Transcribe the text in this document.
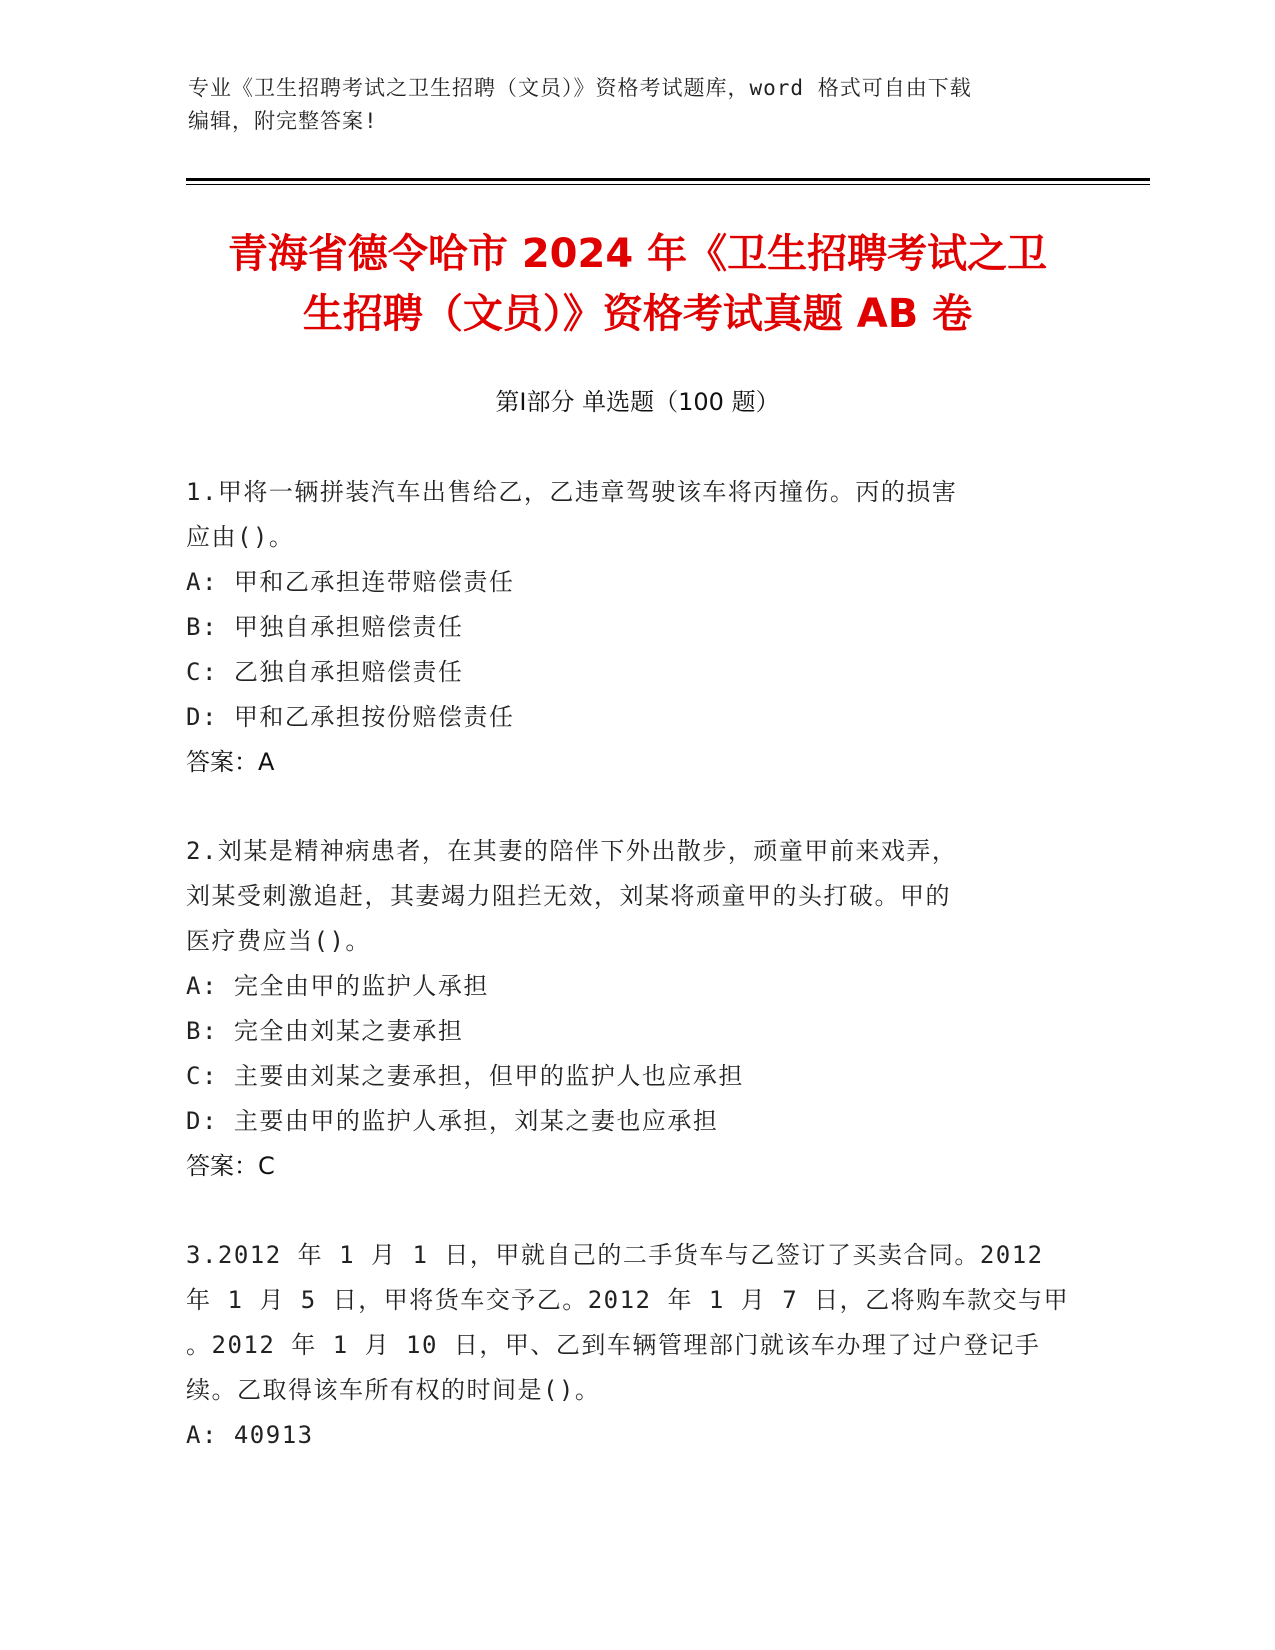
专业《卫生招聘考试之卫生招聘（文员）》资格考试题库，word 格式可自由下载
编辑，附完整答案!
青海省德令哈市 2024 年《卫生招聘考试之卫
生招聘（文员）》资格考试真题 AB 卷
第Ⅰ部分 单选题（100 题）
1.甲将一辆拼装汽车出售给乙，乙违章驾驶该车将丙撞伤。丙的损害
应由()。
A: 甲和乙承担连带赔偿责任
B: 甲独自承担赔偿责任
C: 乙独自承担赔偿责任
D: 甲和乙承担按份赔偿责任
答案：A
2.刘某是精神病患者，在其妻的陪伴下外出散步，顽童甲前来戏弄，
刘某受刺激追赶，其妻竭力阻拦无效，刘某将顽童甲的头打破。甲的
医疗费应当()。
A: 完全由甲的监护人承担
B: 完全由刘某之妻承担
C: 主要由刘某之妻承担，但甲的监护人也应承担
D: 主要由甲的监护人承担，刘某之妻也应承担
答案：C
3.2012 年 1 月 1 日，甲就自己的二手货车与乙签订了买卖合同。2012
年 1 月 5 日，甲将货车交予乙。2012 年 1 月 7 日，乙将购车款交与甲
。2012 年 1 月 10 日，甲、乙到车辆管理部门就该车办理了过户登记手
续。乙取得该车所有权的时间是()。
A: 40913
